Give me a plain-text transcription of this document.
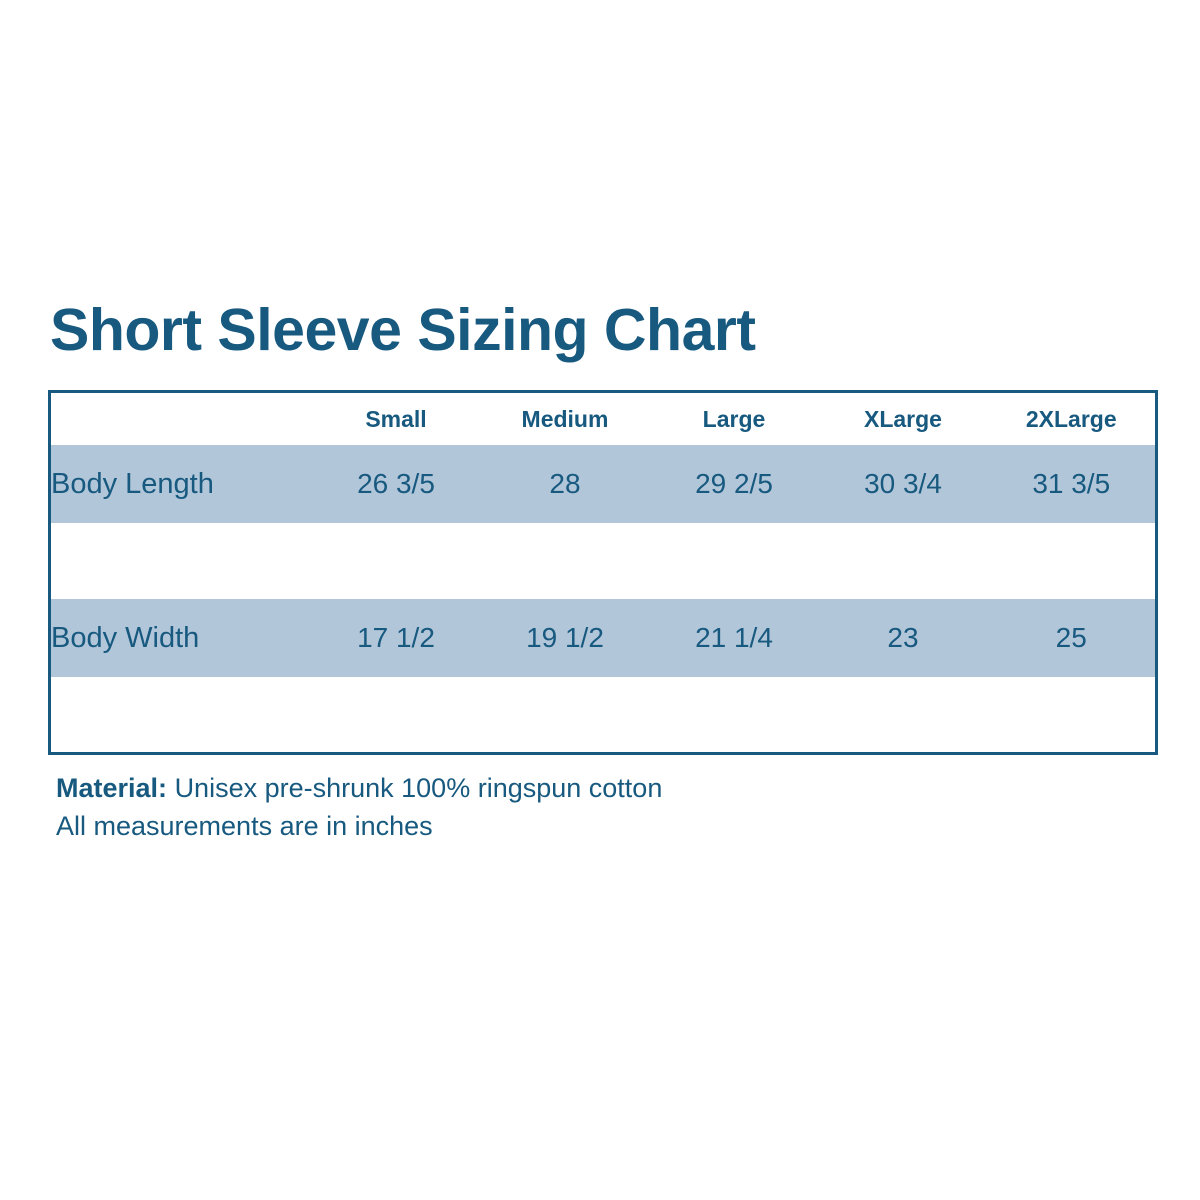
Short Sleeve Sizing Chart
	Small	Medium	Large	XLarge	2XLarge
Body Length	26 3/5	28	29 2/5	30 3/4	31 3/5

Body Width	17 1/2	19 1/2	21 1/4	23	25

Material: Unisex pre-shrunk 100% ringspun cotton
All measurements are in inches
